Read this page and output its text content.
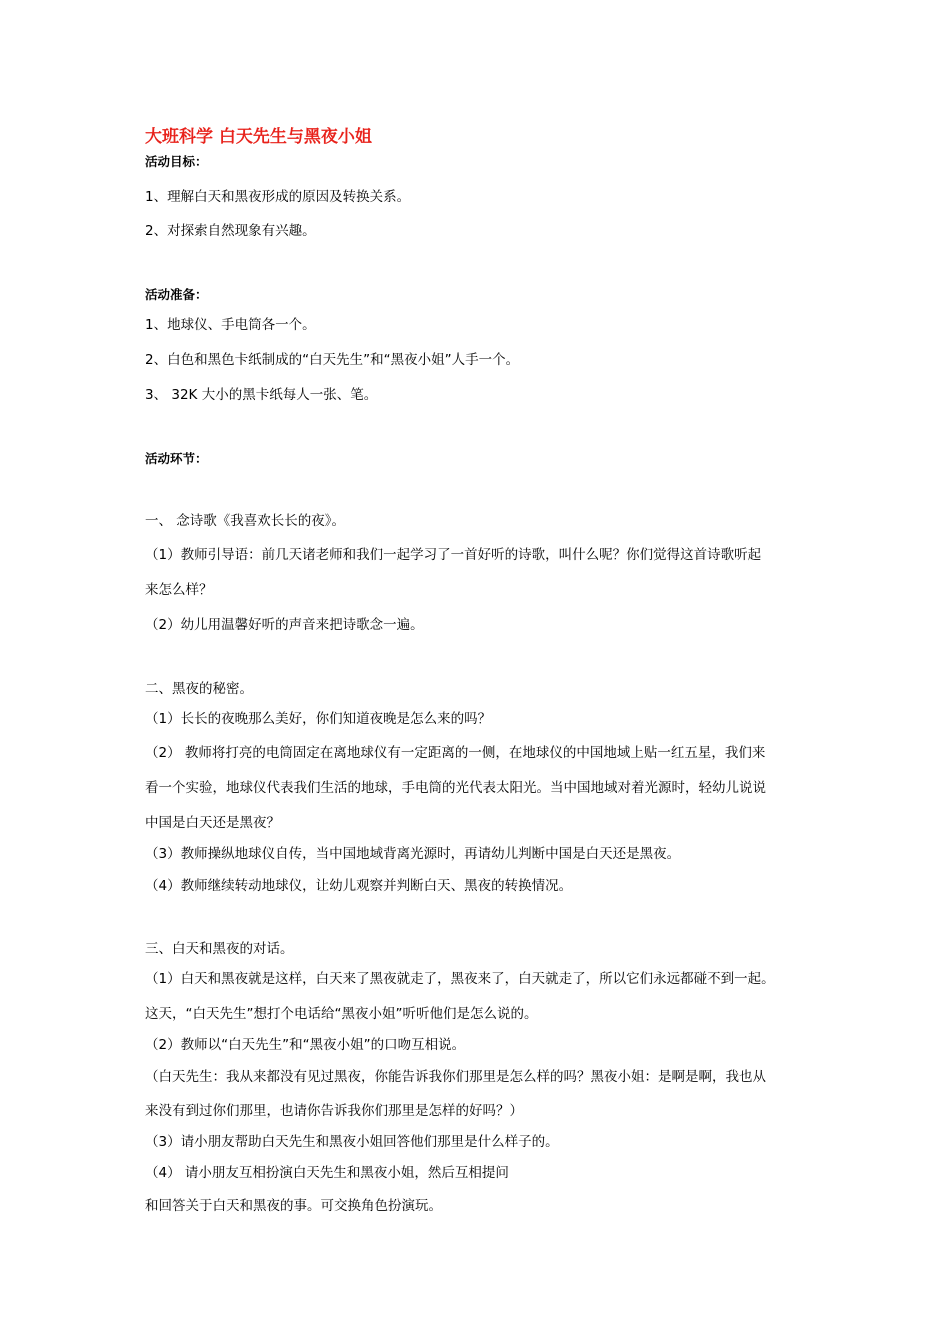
大班科学 白天先生与黑夜小姐
活动目标：
1、理解白天和黑夜形成的原因及转换关系。
2、对探索自然现象有兴趣。
活动准备：
1、地球仪、手电筒各一个。
2、白色和黑色卡纸制成的“白天先生”和“黑夜小姐”人手一个。
3、 32K 大小的黑卡纸每人一张、笔。
活动环节：
一、 念诗歌《我喜欢长长的夜》。
（1）教师引导语：前几天诸老师和我们一起学习了一首好听的诗歌，叫什么呢？你们觉得这首诗歌听起
来怎么样？
（2）幼儿用温馨好听的声音来把诗歌念一遍。
二、黑夜的秘密。
（1）长长的夜晚那么美好，你们知道夜晚是怎么来的吗？
（2） 教师将打亮的电筒固定在离地球仪有一定距离的一侧，在地球仪的中国地域上贴一红五星，我们来
看一个实验，地球仪代表我们生活的地球，手电筒的光代表太阳光。当中国地域对着光源时，轻幼儿说说
中国是白天还是黑夜？
（3）教师操纵地球仪自传，当中国地域背离光源时，再请幼儿判断中国是白天还是黑夜。
（4）教师继续转动地球仪，让幼儿观察并判断白天、黑夜的转换情况。
三、白天和黑夜的对话。
（1）白天和黑夜就是这样，白天来了黑夜就走了，黑夜来了，白天就走了，所以它们永远都碰不到一起。
这天，“白天先生”想打个电话给“黑夜小姐”听听他们是怎么说的。
（2）教师以“白天先生”和“黑夜小姐”的口吻互相说。
（白天先生：我从来都没有见过黑夜，你能告诉我你们那里是怎么样的吗？黑夜小姐：是啊是啊，我也从
来没有到过你们那里，也请你告诉我你们那里是怎样的好吗？）
（3）请小朋友帮助白天先生和黑夜小姐回答他们那里是什么样子的。
（4） 请小朋友互相扮演白天先生和黑夜小姐，然后互相提问
和回答关于白天和黑夜的事。可交换角色扮演玩。
